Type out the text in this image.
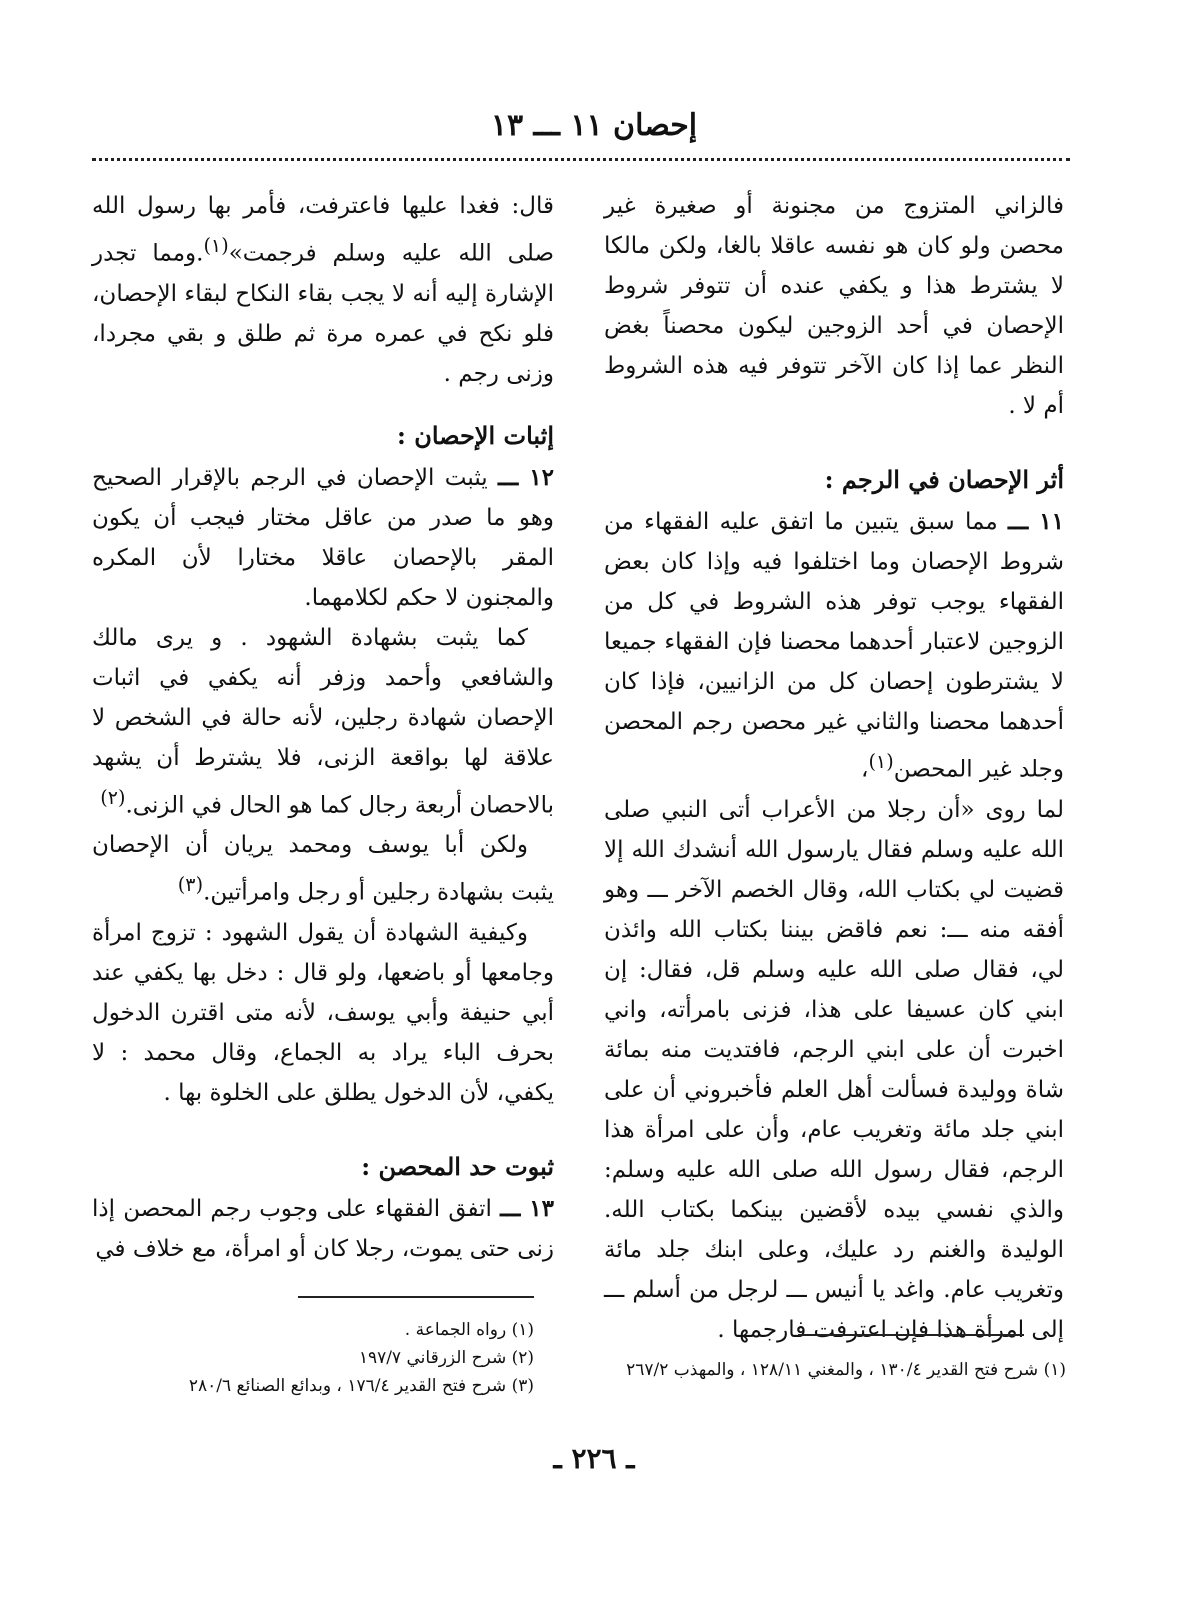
إحصان ١١ ـــ ١٣

فالزاني المتزوج من مجنونة أو صغيرة غير محصن ولو كان هو نفسه عاقلا بالغا، ولكن مالكا لا يشترط هذا و يكفي عنده أن تتوفر شروط الإحصان في أحد الزوجين ليكون محصناً بغض النظر عما إذا كان الآخر تتوفر فيه هذه الشروط أم لا .

أثر الإحصان في الرجم :

١١ ـــ مما سبق يتبين ما اتفق عليه الفقهاء من شروط الإحصان وما اختلفوا فيه وإذا كان بعض الفقهاء يوجب توفر هذه الشروط في كل من الزوجين لاعتبار أحدهما محصنا فإن الفقهاء جميعا لا يشترطون إحصان كل من الزانيين، فإذا كان أحدهما محصنا والثاني غير محصن رجم المحصن وجلد غير المحصن$^{(١)}$،

لما روى «أن رجلا من الأعراب أتى النبي صلى الله عليه وسلم فقال يارسول الله أنشدك الله إلا قضيت لي بكتاب الله، وقال الخصم الآخر ـــ وهو أفقه منه ـــ: نعم فاقض بيننا بكتاب الله وائذن لي، فقال صلى الله عليه وسلم قل، فقال: إن ابني كان عسيفا على هذا، فزنى بامرأته، واني اخبرت أن على ابني الرجم، فافتديت منه بمائة شاة ووليدة فسألت أهل العلم فأخبروني أن على ابني جلد مائة وتغريب عام، وأن على امرأة هذا الرجم، فقال رسول الله صلى الله عليه وسلم: والذي نفسي بيده لأقضين بينكما بكتاب الله. الوليدة والغنم رد عليك، وعلى ابنك جلد مائة وتغريب عام. واغد يا أنيس ـــ لرجل من أسلم ـــ إلى امرأة هذا فإن اعترفت فارجمها .

(١) شرح فتح القدير ١٣٠/٤ ، والمغني ١٢٨/١١ ، والمهذب ٢٦٧/٢

قال: فغدا عليها فاعترفت، فأمر بها رسول الله صلى الله عليه وسلم فرجمت»$^{(١)}$.ومما تجدر الإشارة إليه أنه لا يجب بقاء النكاح لبقاء الإحصان، فلو نكح في عمره مرة ثم طلق و بقي مجردا، وزنى رجم .

إثبات الإحصان :

١٢ ـــ يثبت الإحصان في الرجم بالإقرار الصحيح وهو ما صدر من عاقل مختار فيجب أن يكون المقر بالإحصان عاقلا مختارا لأن المكره والمجنون لا حكم لكلامهما.

كما يثبت بشهادة الشهود . و يرى مالك والشافعي وأحمد وزفر أنه يكفي في اثبات الإحصان شهادة رجلين، لأنه حالة في الشخص لا علاقة لها بواقعة الزنى، فلا يشترط أن يشهد بالاحصان أربعة رجال كما هو الحال في الزنى.$^{(٢)}$

ولكن أبا يوسف ومحمد يريان أن الإحصان يثبت بشهادة رجلين أو رجل وامرأتين.$^{(٣)}$

وكيفية الشهادة أن يقول الشهود : تزوج امرأة وجامعها أو باضعها، ولو قال : دخل بها يكفي عند أبي حنيفة وأبي يوسف، لأنه متى اقترن الدخول بحرف الباء يراد به الجماع، وقال محمد : لا يكفي، لأن الدخول يطلق على الخلوة بها .

ثبوت حد المحصن :

١٣ ـــ اتفق الفقهاء على وجوب رجم المحصن إذا زنى حتى يموت، رجلا كان أو امرأة، مع خلاف في

(١) رواه الجماعة .
(٢) شرح الزرقاني ١٩٧/٧
(٣) شرح فتح القدير ١٧٦/٤ ، وبدائع الصنائع ٢٨٠/٦
ـ ٢٢٦ ـ
